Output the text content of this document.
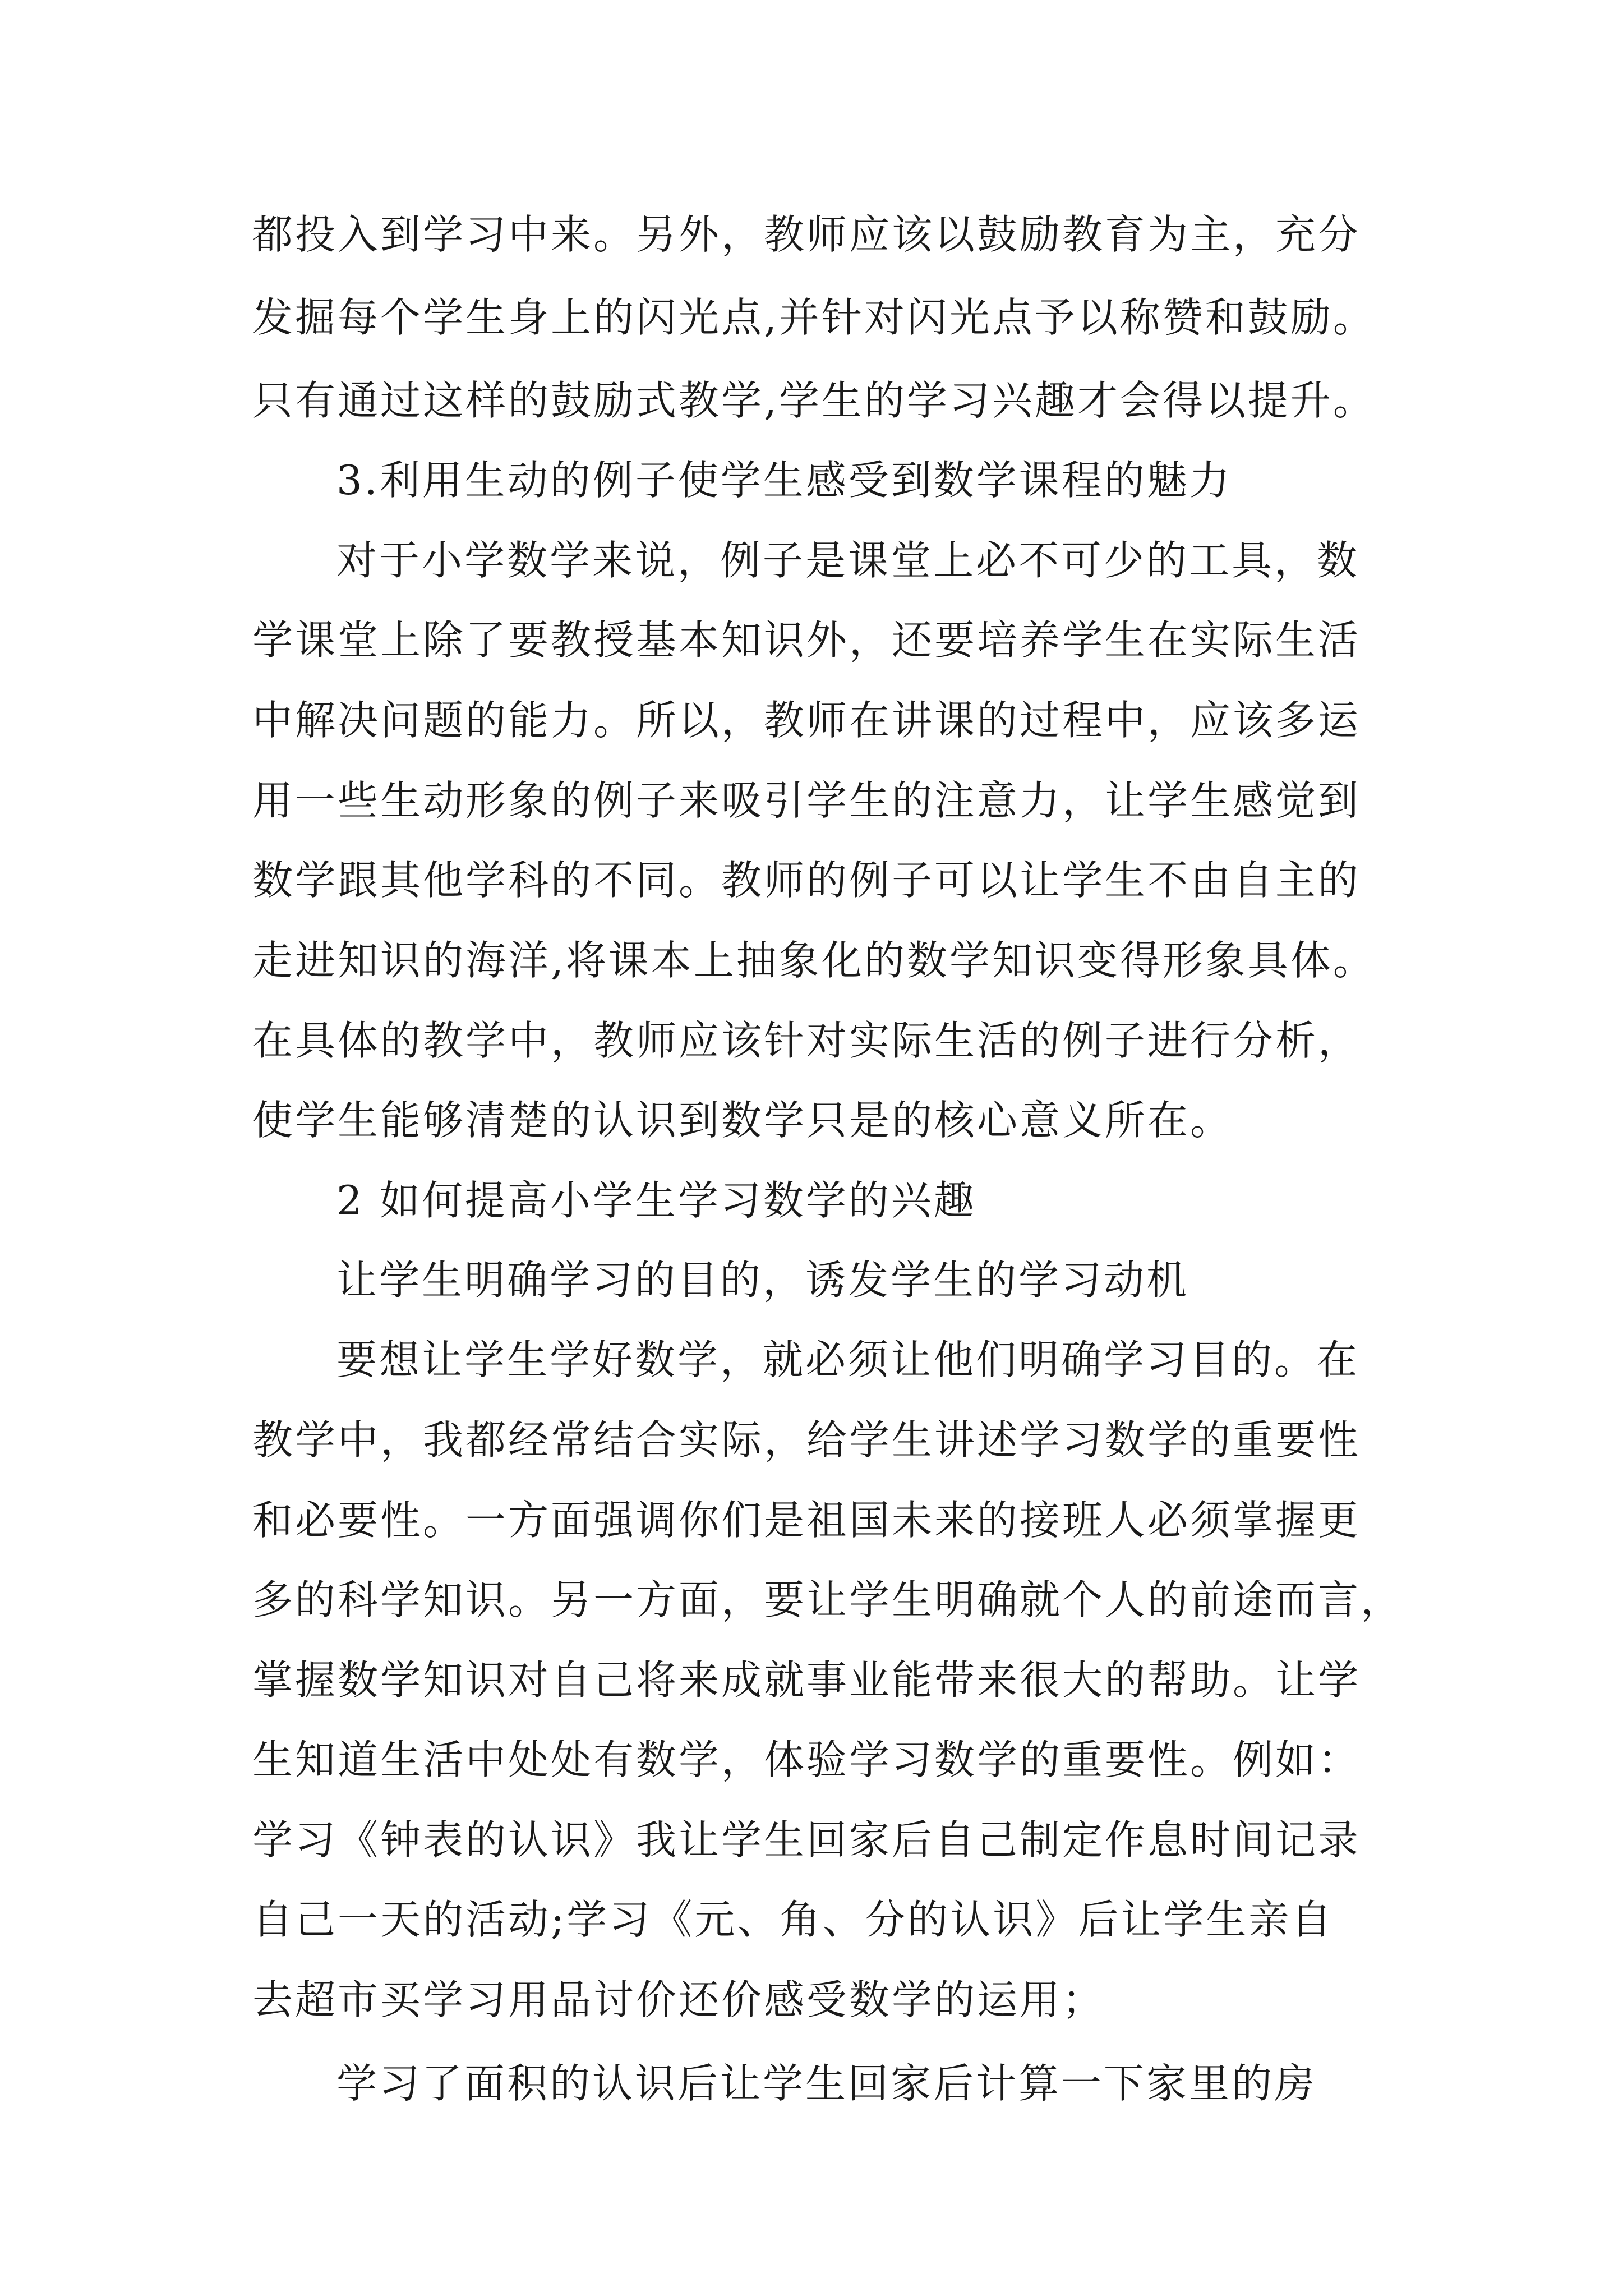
都投入到学习中来。另外，教师应该以鼓励教育为主，充分
发掘每个学生身上的闪光点,并针对闪光点予以称赞和鼓励。
只有通过这样的鼓励式教学,学生的学习兴趣才会得以提升。
3.利用生动的例子使学生感受到数学课程的魅力
对于小学数学来说，例子是课堂上必不可少的工具，数
学课堂上除了要教授基本知识外，还要培养学生在实际生活
中解决问题的能力。所以，教师在讲课的过程中，应该多运
用一些生动形象的例子来吸引学生的注意力，让学生感觉到
数学跟其他学科的不同。教师的例子可以让学生不由自主的
走进知识的海洋,将课本上抽象化的数学知识变得形象具体。
在具体的教学中，教师应该针对实际生活的例子进行分析，
使学生能够清楚的认识到数学只是的核心意义所在。
2 如何提高小学生学习数学的兴趣
让学生明确学习的目的，诱发学生的学习动机
要想让学生学好数学，就必须让他们明确学习目的。在
教学中，我都经常结合实际，给学生讲述学习数学的重要性
和必要性。一方面强调你们是祖国未来的接班人必须掌握更
多的科学知识。另一方面，要让学生明确就个人的前途而言，
掌握数学知识对自己将来成就事业能带来很大的帮助。让学
生知道生活中处处有数学，体验学习数学的重要性。例如：
学习《钟表的认识》我让学生回家后自己制定作息时间记录
自己一天的活动;学习《元、角、分的认识》后让学生亲自
去超市买学习用品讨价还价感受数学的运用；
学习了面积的认识后让学生回家后计算一下家里的房
